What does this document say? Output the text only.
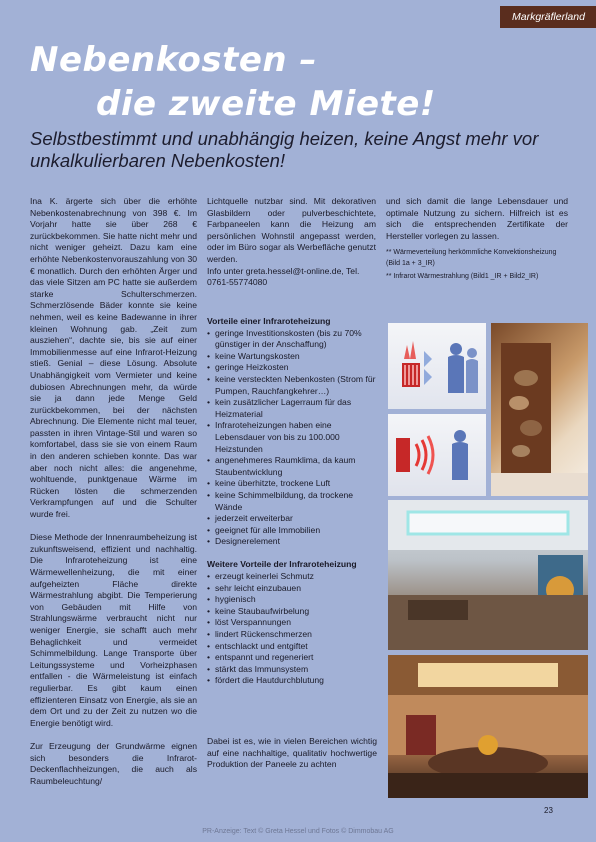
Markgräflerland
Nebenkosten –
die zweite Miete!
Selbstbestimmt und unabhängig heizen, keine Angst mehr vor unkalkulierbaren Nebenkosten!

Ina K. ärgerte sich über die erhöhte Nebenkostenabrechnung von 398 €. Im Vorjahr hatte sie über 268 € zurückbekommen. Sie hatte nicht mehr und nicht weniger geheizt. Dazu kam eine erhöhte Nebenkostenvorauszahlung von 30 € monatlich. Durch den erhöhten Ärger und das viele Sitzen am PC hatte sie außerdem starke Schulterschmerzen. Schmerzlösende Bäder konnte sie keine nehmen, weil es keine Badewanne in ihrer kleinen Wohnung gab. „Zeit zum ausziehen“, dachte sie, bis sie auf einer Immobilienmesse auf eine Infrarot-Heizung stieß. Genial – diese Lösung. Absolute Unabhängigkeit vom Vermieter und keine dubiosen Abrechnungen mehr, da würde sie ja dann jede Menge Geld zurückbekommen, bei der nächsten Abrechnung. Die Elemente nicht mal teuer, passten in ihren Vintage-Stil und waren so komfortabel, dass sie sie von einem Raum in den anderen schieben konnte. Das war aber noch nicht alles: die angenehme, wohltuende, punktgenaue Wärme im Rücken lösten die schmerzenden Verkrampfungen auf und die Schulter wurde frei.

Diese Methode der Innenraumbeheizung ist zukunftsweisend, effizient und nachhaltig. Die Infraroteheizung ist eine Wärmewellenheizung, die mit einer aufgeheizten Fläche direkte Wärmestrahlung abgibt. Die Temperierung von Gebäuden mit Hilfe von Strahlungswärme verbraucht nicht nur weniger Energie, sie schafft auch mehr Behaglichkeit und vermeidet Schimmelbildung. Lange Transporte über Leitungssysteme und Vorheizphasen entfallen - die Wärmeleistung ist einfach regulierbar. Es gibt kaum einen effizienteren Einsatz von Energie, als sie an dem Ort und zu der Zeit zu nutzen wo die Energie benötigt wird.

Zur Erzeugung der Grundwärme eignen sich besonders die Infrarot-Deckenflachheizungen, die auch als Raumbeleuchtung/

Lichtquelle nutzbar sind. Mit dekorativen Glasbildern oder pulverbeschichtete, Farbpaneelen kann die Heizung am persönlichen Wohnstil angepasst werden, oder im Büro sogar als Werbefläche genutzt werden.

Info unter greta.hessel@t-online.de, Tel. 0761-55774080

Vorteile einer Infraroteheizung
• geringe Investitionskosten (bis zu 70% günstiger in der Anschaffung)
• keine Wartungskosten
• geringe Heizkosten
• keine versteckten Nebenkosten (Strom für Pumpen, Rauchfangkehrer…)
• kein zusätzlicher Lagerraum für das Heizmaterial
• Infraroteheizungen haben eine Lebensdauer von bis zu 100.000 Heizstunden
• angenehmeres Raumklima, da kaum Staubentwicklung
• keine überhitzte, trockene Luft
• keine Schimmelbildung, da trockene Wände
• jederzeit erweiterbar
• geeignet für alle Immobilien
• Designerelement
Weitere Vorteile der Infraroteheizung
• erzeugt keinerlei Schmutz
• sehr leicht einzubauen
• hygienisch
• keine Staubaufwirbelung
• löst Verspannungen
• lindert Rückenschmerzen
• entschlackt und entgiftet
• entspannt und regeneriert
• stärkt das Immunsystem
• fördert die Hautdurchblutung

Dabei ist es, wie in vielen Bereichen wichtig auf eine nachhaltige, qualitativ hochwertige Produktion der Paneele zu achten

und sich damit die lange Lebensdauer und optimale Nutzung zu sichern. Hilfreich ist es sich die entsprechenden Zertifikate der Hersteller vorlegen zu lassen.

** Wärmeverteilung herkömmliche Konvektionsheizung (Bild 1a + 3_IR)

** Infrarot Wärmestrahlung (Bild1 _IR + Bild2_IR)

23
PR-Anzeige: Text © Greta Hessel und Fotos © Dimmobau AG
